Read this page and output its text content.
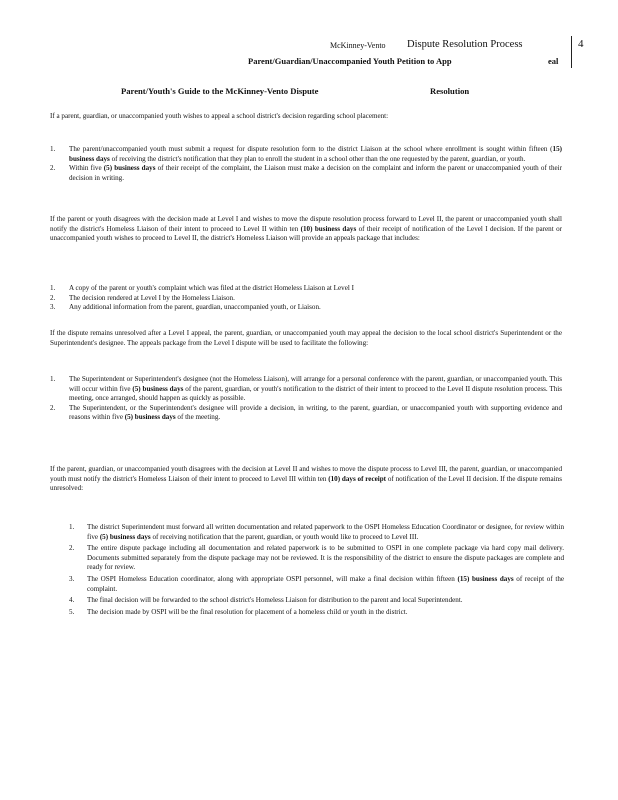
McKinney-Vento Dispute Resolution Process	4
Parent/Guardian/Unaccompanied Youth Petition to App	eal
Parent/Youth's Guide to the McKinney-Vento Dispute	Resolution

If a parent, guardian, or unaccompanied youth wishes to appeal a school district's decision regarding school placement:

1. The parent/unaccompanied youth must submit a request for dispute resolution form to the district Liaison at the school where enrollment is sought within fifteen (15) business days of receiving the district's notification that they plan to enroll the student in a school other than the one requested by the parent, guardian, or youth.
2. Within five (5) business days of their receipt of the complaint, the Liaison must make a decision on the complaint and inform the parent or unaccompanied youth of their decision in writing.

If the parent or youth disagrees with the decision made at Level I and wishes to move the dispute resolution process forward to Level II, the parent or unaccompanied youth shall notify the district's Homeless Liaison of their intent to proceed to Level II within ten (10) business days of their receipt of notification of the Level I decision. If the parent or unaccompanied youth wishes to proceed to Level II, the district's Homeless Liaison will provide an appeals package that includes:

1. A copy of the parent or youth's complaint which was filed at the district Homeless Liaison at Level I
2. The decision rendered at Level I by the Homeless Liaison.
3. Any additional information from the parent, guardian, unaccompanied youth, or Liaison.

If the dispute remains unresolved after a Level I appeal, the parent, guardian, or unaccompanied youth may appeal the decision to the local school district's Superintendent or the Superintendent's designee. The appeals package from the Level I dispute will be used to facilitate the following:

1. The Superintendent or Superintendent's designee (not the Homeless Liaison), will arrange for a personal conference with the parent, guardian, or unaccompanied youth. This will occur within five (5) business days of the parent, guardian, or youth's notification to the district of their intent to proceed to the Level II dispute resolution process. This meeting, once arranged, should happen as quickly as possible.
2. The Superintendent, or the Superintendent's designee will provide a decision, in writing, to the parent, guardian, or unaccompanied youth with supporting evidence and reasons within five (5) business days of the meeting.

If the parent, guardian, or unaccompanied youth disagrees with the decision at Level II and wishes to move the dispute process to Level III, the parent, guardian, or unaccompanied youth must notify the district's Homeless Liaison of their intent to proceed to Level III within ten (10) days of receipt of notification of the Level II decision. If the dispute remains unresolved:

1. The district Superintendent must forward all written documentation and related paperwork to the OSPI Homeless Education Coordinator or designee, for review within five (5) business days of receiving notification that the parent, guardian, or youth would like to proceed to Level III.
2. The entire dispute package including all documentation and related paperwork is to be submitted to OSPI in one complete package via hard copy mail delivery. Documents submitted separately from the dispute package may not be reviewed. It is the responsibility of the district to ensure the dispute packages are complete and ready for review.
3. The OSPI Homeless Education coordinator, along with appropriate OSPI personnel, will make a final decision within fifteen (15) business days of receipt of the complaint.
4. The final decision will be forwarded to the school district's Homeless Liaison for distribution to the parent and local Superintendent.
5. The decision made by OSPI will be the final resolution for placement of a homeless child or youth in the district.
